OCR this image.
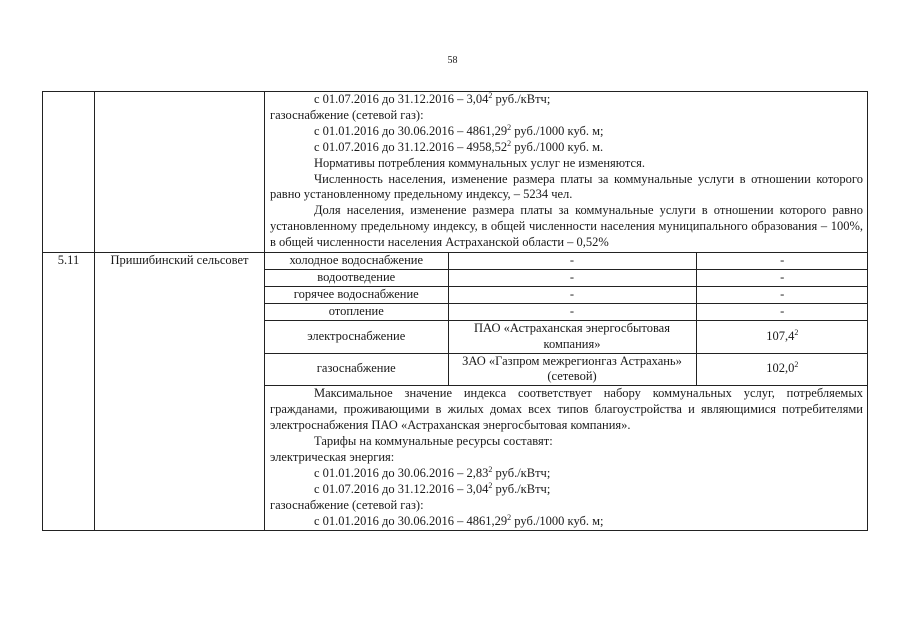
58

с 01.07.2016 до 31.12.2016 – 3,04$^2$ руб./кВтч;

газоснабжение (сетевой газ):

с 01.01.2016 до 30.06.2016 – 4861,29$^2$ руб./1000 куб. м;

с 01.07.2016 до 31.12.2016 – 4958,52$^2$ руб./1000 куб. м.

Нормативы потребления коммунальных услуг не изменяются.

Численность населения, изменение размера платы за коммунальные услуги в отношении которого равно установленному предельному индексу, – 5234 чел.

Доля населения, изменение размера платы за коммунальные услуги в отношении которого равно установленному предельному индексу, в общей численности населения муниципального образования – 100%, в общей численности населения Астраханской области – 0,52%

5.11	Пришибинский сельсовет		холодное водоснабжение	-	-
водоотведение	-	-
горячее водоснабжение	-	-
отопление	-	-
электроснабжение	ПАО «Астраханская энергосбытовая компания»	107,4$^2$
газоснабжение	ЗАО «Газпром межрегионгаз Астрахань» (сетевой)	102,0$^2$

Максимальное значение индекса соответствует набору коммунальных услуг, потребляемых гражданами, проживающими в жилых домах всех типов благоустройства и являющимися потребителями электроснабжения ПАО «Астраханская энергосбытовая компания».

Тарифы на коммунальные ресурсы составят:

электрическая энергия:

с 01.01.2016 до 30.06.2016 – 2,83$^2$ руб./кВтч;

с 01.07.2016 до 31.12.2016 – 3,04$^2$ руб./кВтч;

газоснабжение (сетевой газ):

с 01.01.2016 до 30.06.2016 – 4861,29$^2$ руб./1000 куб. м;
